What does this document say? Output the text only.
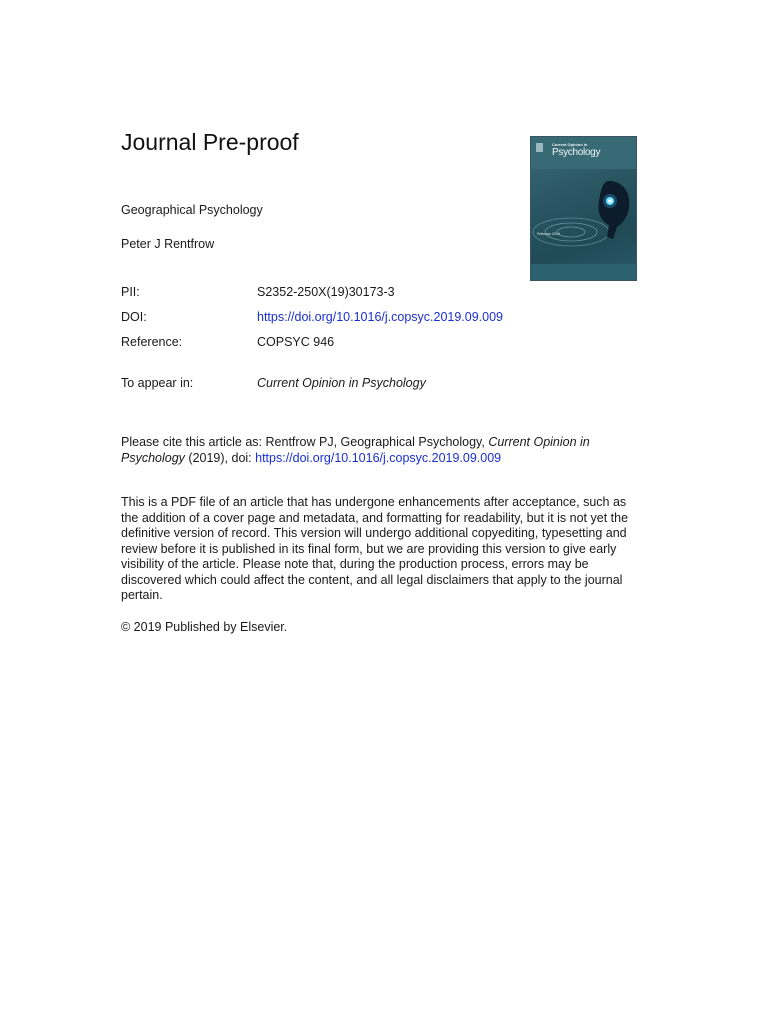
Journal Pre-proof
Geographical Psychology
Peter J Rentfrow
PII:	S2352-250X(19)30173-3
DOI:	https://doi.org/10.1016/j.copsyc.2019.09.009
Reference:	COPSYC 946
To appear in:	Current Opinion in Psychology
Please cite this article as: Rentfrow PJ, Geographical Psychology, Current Opinion in Psychology (2019), doi: https://doi.org/10.1016/j.copsyc.2019.09.009
This is a PDF file of an article that has undergone enhancements after acceptance, such as the addition of a cover page and metadata, and formatting for readability, but it is not yet the definitive version of record. This version will undergo additional copyediting, typesetting and review before it is published in its final form, but we are providing this version to give early visibility of the article. Please note that, during the production process, errors may be discovered which could affect the content, and all legal disclaimers that apply to the journal pertain.
© 2019 Published by Elsevier.
Current Opinion in
Psychology
February 2019
